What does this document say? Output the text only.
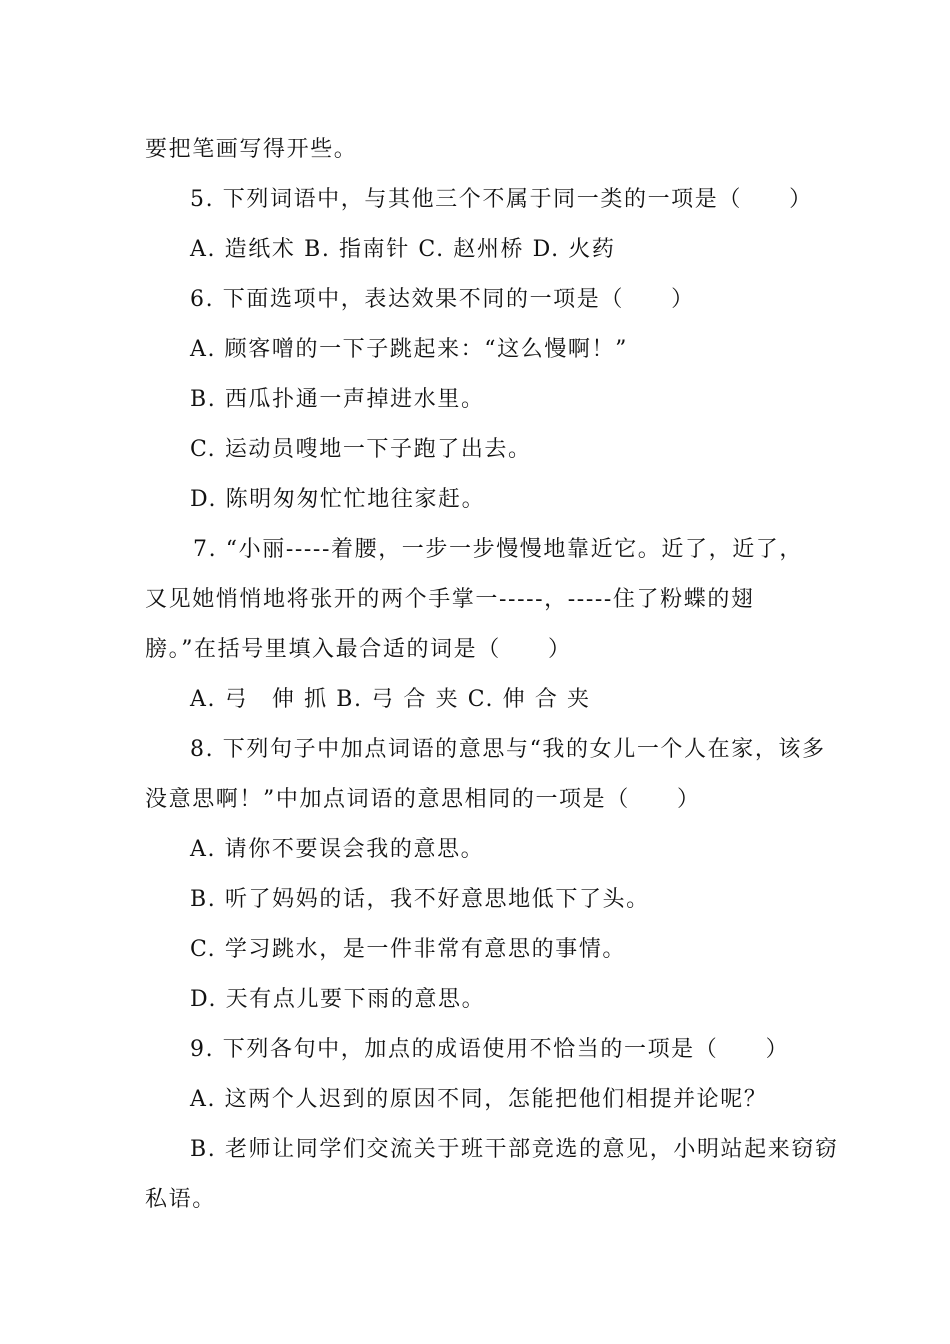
要把笔画写得开些。
5. 下列词语中，与其他三个不属于同一类的一项是（　　）
A. 造纸术 B. 指南针 C. 赵州桥 D. 火药
6. 下面选项中，表达效果不同的一项是（　　）
A. 顾客噌的一下子跳起来：“这么慢啊！”
B. 西瓜扑通一声掉进水里。
C. 运动员嗖地一下子跑了出去。
D. 陈明匆匆忙忙地往家赶。
7. “小丽-----着腰，一步一步慢慢地靠近它。近了，近了，
又见她悄悄地将张开的两个手掌一-----，-----住了粉蝶的翅
膀。”在括号里填入最合适的词是（　　）
A. 弓　伸 抓 B. 弓 合 夹 C. 伸 合 夹
8. 下列句子中加点词语的意思与“我的女儿一个人在家，该多
没意思啊！”中加点词语的意思相同的一项是（　　）
A. 请你不要误会我的意思。
B. 听了妈妈的话，我不好意思地低下了头。
C. 学习跳水，是一件非常有意思的事情。
D. 天有点儿要下雨的意思。
9. 下列各句中，加点的成语使用不恰当的一项是（　　）
A. 这两个人迟到的原因不同，怎能把他们相提并论呢？
B. 老师让同学们交流关于班干部竞选的意见，小明站起来窃窃
私语。
